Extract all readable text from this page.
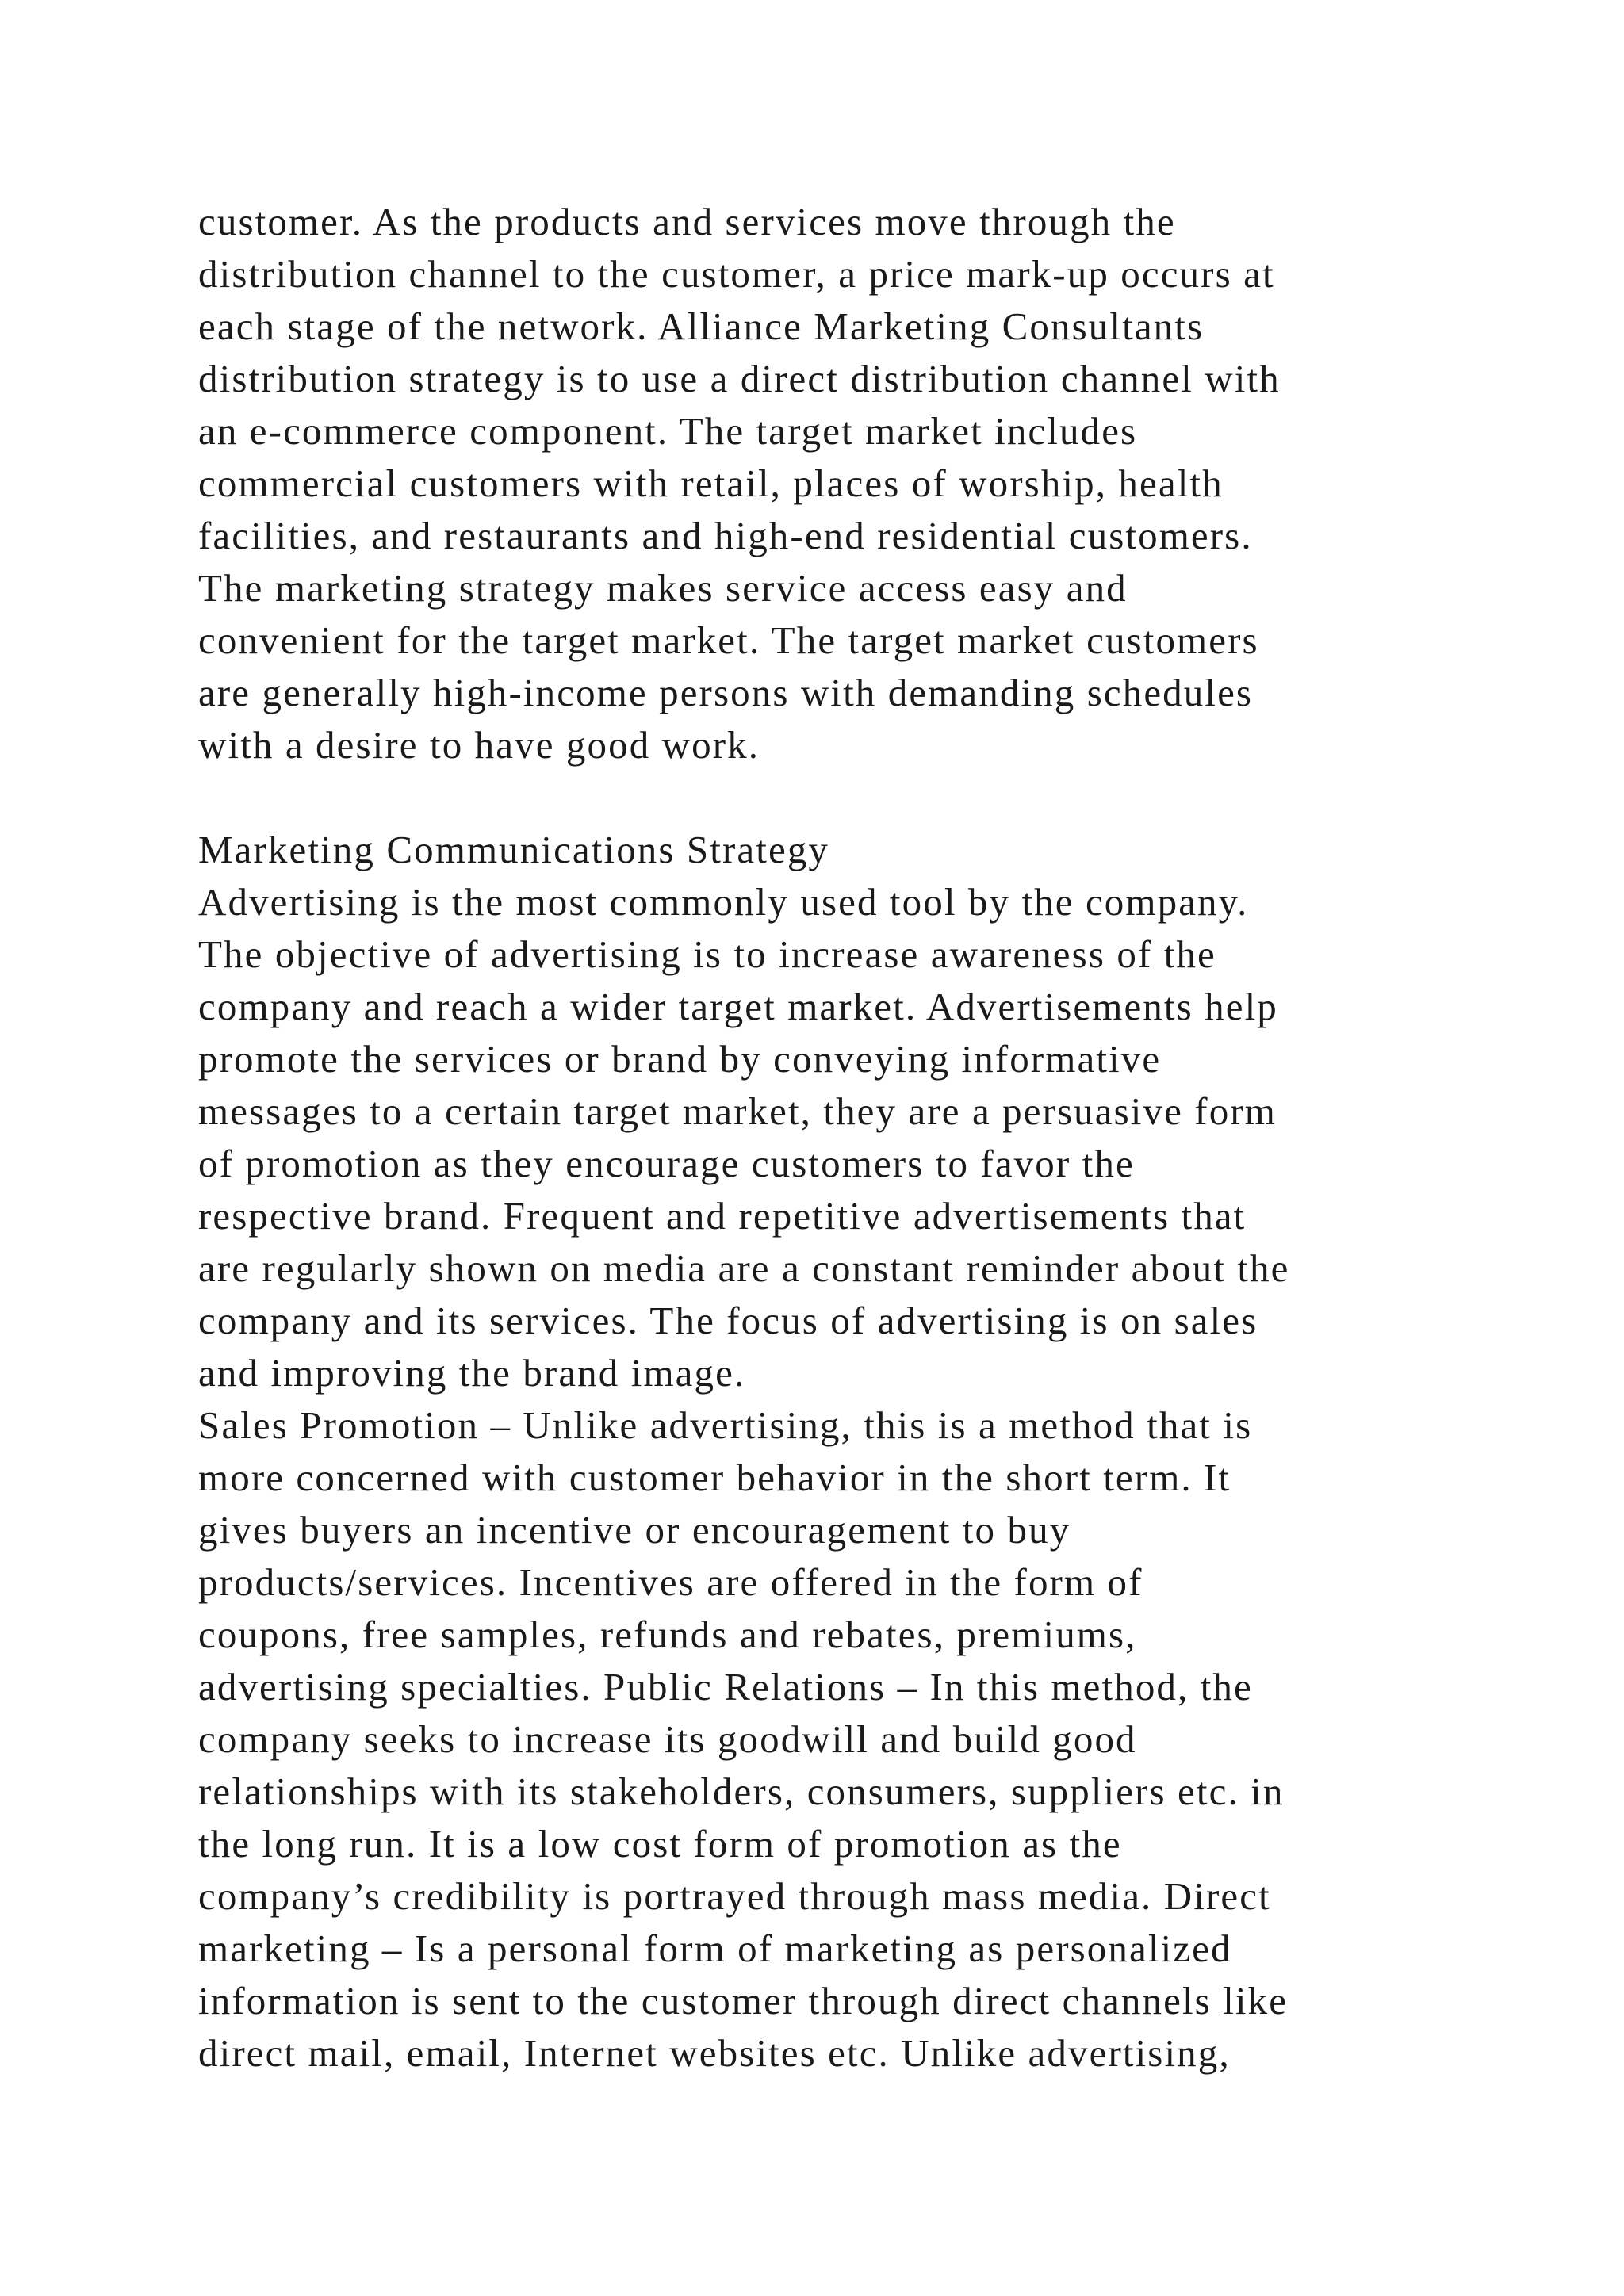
customer. As the products and services move through the
distribution channel to the customer, a price mark-up occurs at
each stage of the network. Alliance Marketing Consultants
distribution strategy is to use a direct distribution channel with
an e-commerce component. The target market includes
commercial customers with retail, places of worship, health
facilities, and restaurants and high-end residential customers.
The marketing strategy makes service access easy and
convenient for the target market. The target market customers
are generally high-income persons with demanding schedules
with a desire to have good work.
Marketing Communications Strategy
Advertising is the most commonly used tool by the company.
The objective of advertising is to increase awareness of the
company and reach a wider target market. Advertisements help
promote the services or brand by conveying informative
messages to a certain target market, they are a persuasive form
of promotion as they encourage customers to favor the
respective brand. Frequent and repetitive advertisements that
are regularly shown on media are a constant reminder about the
company and its services. The focus of advertising is on sales
and improving the brand image.
Sales Promotion – Unlike advertising, this is a method that is
more concerned with customer behavior in the short term. It
gives buyers an incentive or encouragement to buy
products/services. Incentives are offered in the form of
coupons, free samples, refunds and rebates, premiums,
advertising specialties. Public Relations – In this method, the
company seeks to increase its goodwill and build good
relationships with its stakeholders, consumers, suppliers etc. in
the long run. It is a low cost form of promotion as the
company’s credibility is portrayed through mass media. Direct
marketing – Is a personal form of marketing as personalized
information is sent to the customer through direct channels like
direct mail, email, Internet websites etc. Unlike advertising,
